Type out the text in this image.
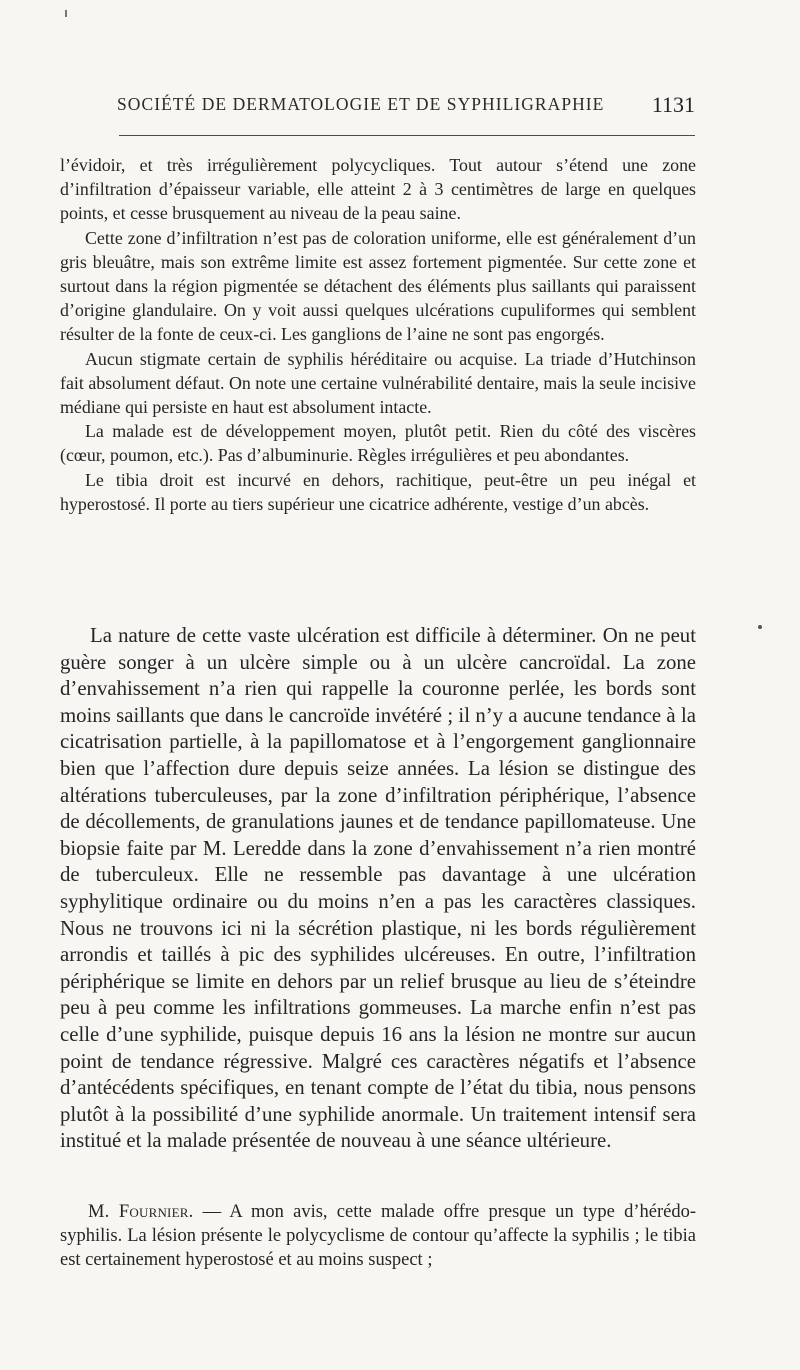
SOCIÉTÉ DE DERMATOLOGIE ET DE SYPHILIGRAPHIE 1131

l’évidoir, et très irrégulièrement polycycliques. Tout autour s’étend une zone d’infiltration d’épaisseur variable, elle atteint 2 à 3 centimètres de large en quelques points, et cesse brusquement au niveau de la peau saine.

Cette zone d’infiltration n’est pas de coloration uniforme, elle est généralement d’un gris bleuâtre, mais son extrême limite est assez fortement pigmentée. Sur cette zone et surtout dans la région pigmentée se détachent des éléments plus saillants qui paraissent d’origine glandulaire. On y voit aussi quelques ulcérations cupuliformes qui semblent résulter de la fonte de ceux-ci. Les ganglions de l’aine ne sont pas engorgés.

Aucun stigmate certain de syphilis héréditaire ou acquise. La triade d’Hutchinson fait absolument défaut. On note une certaine vulnérabilité dentaire, mais la seule incisive médiane qui persiste en haut est absolument intacte.

La malade est de développement moyen, plutôt petit. Rien du côté des viscères (cœur, poumon, etc.). Pas d’albuminurie. Règles irrégulières et peu abondantes.

Le tibia droit est incurvé en dehors, rachitique, peut-être un peu inégal et hyperostosé. Il porte au tiers supérieur une cicatrice adhérente, vestige d’un abcès.

La nature de cette vaste ulcération est difficile à déterminer. On ne peut guère songer à un ulcère simple ou à un ulcère cancroïdal. La zone d’envahissement n’a rien qui rappelle la couronne perlée, les bords sont moins saillants que dans le cancroïde invétéré ; il n’y a aucune tendance à la cicatrisation partielle, à la papillomatose et à l’engorgement ganglionnaire bien que l’affection dure depuis seize années. La lésion se distingue des altérations tuberculeuses, par la zone d’infiltration périphérique, l’absence de décollements, de granulations jaunes et de tendance papillomateuse. Une biopsie faite par M. Leredde dans la zone d’envahissement n’a rien montré de tuberculeux. Elle ne ressemble pas davantage à une ulcération syphylitique ordinaire ou du moins n’en a pas les caractères classiques. Nous ne trouvons ici ni la sécrétion plastique, ni les bords régulièrement arrondis et taillés à pic des syphilides ulcéreuses. En outre, l’infiltration périphérique se limite en dehors par un relief brusque au lieu de s’éteindre peu à peu comme les infiltrations gommeuses. La marche enfin n’est pas celle d’une syphilide, puisque depuis 16 ans la lésion ne montre sur aucun point de tendance régressive. Malgré ces caractères négatifs et l’absence d’antécédents spécifiques, en tenant compte de l’état du tibia, nous pensons plutôt à la possibilité d’une syphilide anormale. Un traitement intensif sera institué et la malade présentée de nouveau à une séance ultérieure.

M. Fournier. — A mon avis, cette malade offre presque un type d’hérédo-syphilis. La lésion présente le polycyclisme de contour qu’affecte la syphilis ; le tibia est certainement hyperostosé et au moins suspect ;
